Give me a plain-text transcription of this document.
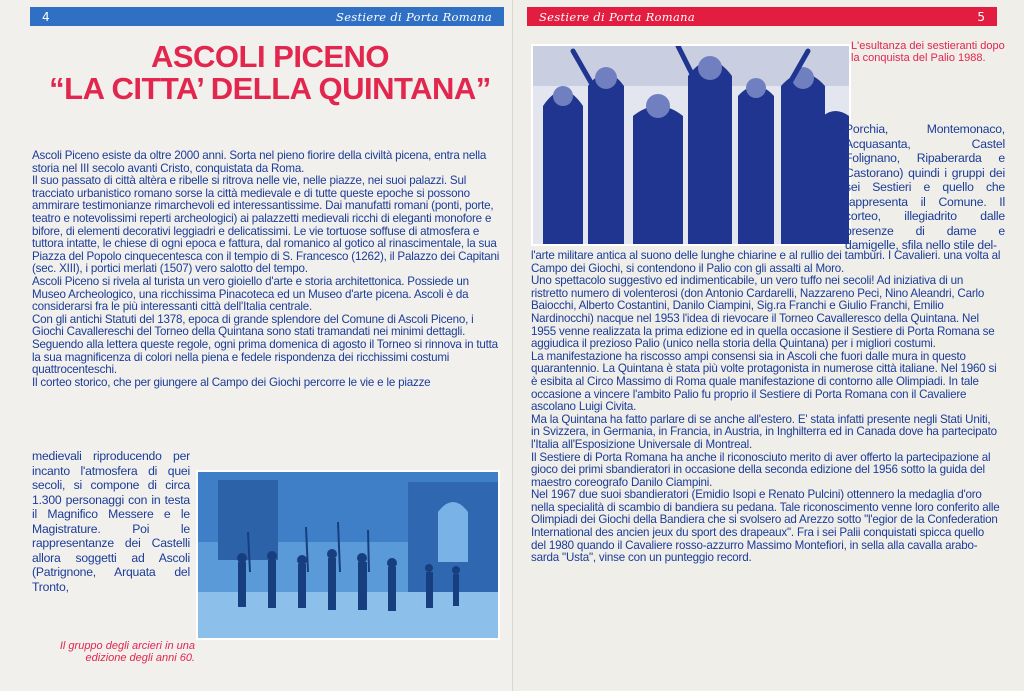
4	Sestiere di Porta Romana
ASCOLI PICENO
“LA CITTA’ DELLA QUINTANA”

Ascoli Piceno esiste da oltre 2000 anni. Sorta nel pieno fiorire della civiltà picena, entra nella storia nel III secolo avanti Cristo, conquistata da Roma.

Il suo passato di città altèra e ribelle si ritrova nelle vie, nelle piazze, nei suoi palazzi. Sul tracciato urbanistico romano sorse la città medievale e di tutte queste epoche si possono ammirare testimonianze rimarchevoli ed interessantissime. Dai manufatti romani (ponti, porte, teatro e notevolissimi reperti archeologici) ai palazzetti medievali ricchi di eleganti monofore e bifore, di elementi decorativi leggiadri e delicatissimi. Le vie tortuose soffuse di atmosfera e tuttora intatte, le chiese di ogni epoca e fattura, dal romanico al gotico al rinascimentale, la sua Piazza del Popolo cinquecentesca con il tempio di S. Francesco (1262), il Palazzo dei Capitani (sec. XIII), i portici merlati (1507) vero salotto del tempo.

Ascoli Piceno si rivela al turista un vero gioiello d'arte e storia architettonica. Possiede un Museo Archeologico, una ricchissima Pinacoteca ed un Museo d'arte picena. Ascoli è da considerarsi fra le più interessanti città dell'Italia centrale.

Con gli antichi Statuti del 1378, epoca di grande splendore del Comune di Ascoli Piceno, i Giochi Cavallereschi del Torneo della Quintana sono stati tramandati nei minimi dettagli. Seguendo alla lettera queste regole, ogni prima domenica di agosto il Torneo si rinnova in tutta la sua magnificenza di colori nella piena e fedele rispondenza dei ricchissimi costumi quattrocenteschi.

Il corteo storico, che per giungere al Campo dei Giochi percorre le vie e le piazze

medievali riproducendo per incanto l'atmosfera di quei secoli, si compone di circa 1.300 personaggi con in testa il Magnifico Messere e le Magistrature. Poi le rappresentanze dei Castelli allora soggetti ad Ascoli (Patrignone, Arquata del Tronto,

Il gruppo degli arcieri in una edizione degli anni 60.
Sestiere di Porta Romana	5
L'esultanza dei sestieranti dopo la conquista del Palio 1988.

Porchia, Montemonaco, Acquasanta, Castel Folignano, Ripaberarda e Castorano) quindi i gruppi dei sei Sestieri e quello che rappresenta il Comune. Il corteo, illegiadrito dalle presenze di dame e damigelle, sfila nello stile del-

l'arte militare antica al suono delle lunghe chiarine e al rullio dei tamburi. I Cavalieri. una volta al Campo dei Giochi, si contendono il Palio con gli assalti al Moro.

Uno spettacolo suggestivo ed indimenticabile, un vero tuffo nei secoli! Ad iniziativa di un ristretto numero di volenterosi (don Antonio Cardarelli, Nazzareno Peci, Nino Aleandri, Carlo Baiocchi, Alberto Costantini, Danilo Ciampini, Sig.ra Franchi e Giulio Franchi, Emilio Nardinocchi) nacque nel 1953 l'idea di rievocare il Torneo Cavalleresco della Quintana. Nel 1955 venne realizzata la prima edizione ed in quella occasione il Sestiere di Porta Romana se aggiudica il prezioso Palio (unico nella storia della Quintana) per i migliori costumi.

La manifestazione ha riscosso ampi consensi sia in Ascoli che fuori dalle mura in questo quarantennio. La Quintana è stata più volte protagonista in numerose città italiane. Nel 1960 si è esibita al Circo Massimo di Roma quale manifestazione di contorno alle Olimpiadi. In tale occasione a vincere l'ambito Palio fu proprio il Sestiere di Porta Romana con il Cavaliere ascolano Luigi Civita.

Ma la Quintana ha fatto parlare di se anche all'estero. E' stata infatti presente negli Stati Uniti, in Svizzera, in Germania, in Francia, in Austria, in Inghilterra ed in Canada dove ha partecipato l'Italia all'Esposizione Universale di Montreal.

Il Sestiere di Porta Romana ha anche il riconosciuto merito di aver offerto la partecipazione al gioco dei primi sbandieratori in occasione della seconda edizione del 1956 sotto la guida del maestro coreografo Danilo Ciampini.

Nel 1967 due suoi sbandieratori (Emidio Isopi e Renato Pulcini) ottennero la medaglia d'oro nella specialità di scambio di bandiera su pedana. Tale riconoscimento venne loro conferito alle Olimpiadi dei Giochi della Bandiera che si svolsero ad Arezzo sotto "l'egior de la Confederation International des ancien jeux du sport des drapeaux". Fra i sei Palii conquistati spicca quello del 1980 quando il Cavaliere rosso-azzurro Massimo Montefiori, in sella alla cavalla arabo-sarda "Usta", vinse con un punteggio record.
